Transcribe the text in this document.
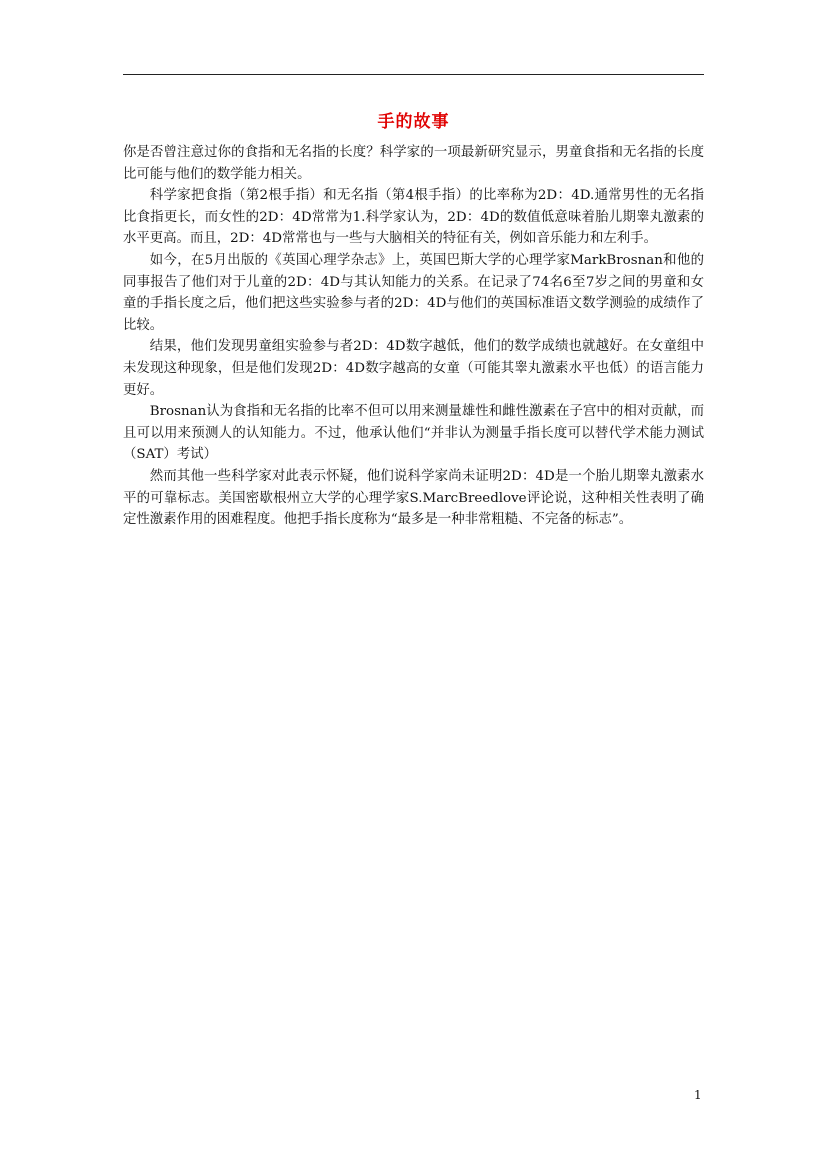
手的故事

你是否曾注意过你的食指和无名指的长度？科学家的一项最新研究显示，男童食指和无名指的长度比可能与他们的数学能力相关。

科学家把食指（第2根手指）和无名指（第4根手指）的比率称为2D：4D.通常男性的无名指比食指更长，而女性的2D：4D常常为1.科学家认为，2D：4D的数值低意味着胎儿期睾丸激素的水平更高。而且，2D：4D常常也与一些与大脑相关的特征有关，例如音乐能力和左利手。

如今，在5月出版的《英国心理学杂志》上，英国巴斯大学的心理学家MarkBrosnan和他的同事报告了他们对于儿童的2D：4D与其认知能力的关系。在记录了74名6至7岁之间的男童和女童的手指长度之后，他们把这些实验参与者的2D：4D与他们的英国标准语文数学测验的成绩作了比较。

结果，他们发现男童组实验参与者2D：4D数字越低，他们的数学成绩也就越好。在女童组中未发现这种现象，但是他们发现2D：4D数字越高的女童（可能其睾丸激素水平也低）的语言能力更好。

Brosnan认为食指和无名指的比率不但可以用来测量雄性和雌性激素在子宫中的相对贡献，而且可以用来预测人的认知能力。不过，他承认他们“并非认为测量手指长度可以替代学术能力测试（SAT）考试）

然而其他一些科学家对此表示怀疑，他们说科学家尚未证明2D：4D是一个胎儿期睾丸激素水平的可靠标志。美国密歇根州立大学的心理学家S.MarcBreedlove评论说，这种相关性表明了确定性激素作用的困难程度。他把手指长度称为“最多是一种非常粗糙、不完备的标志”。

1
